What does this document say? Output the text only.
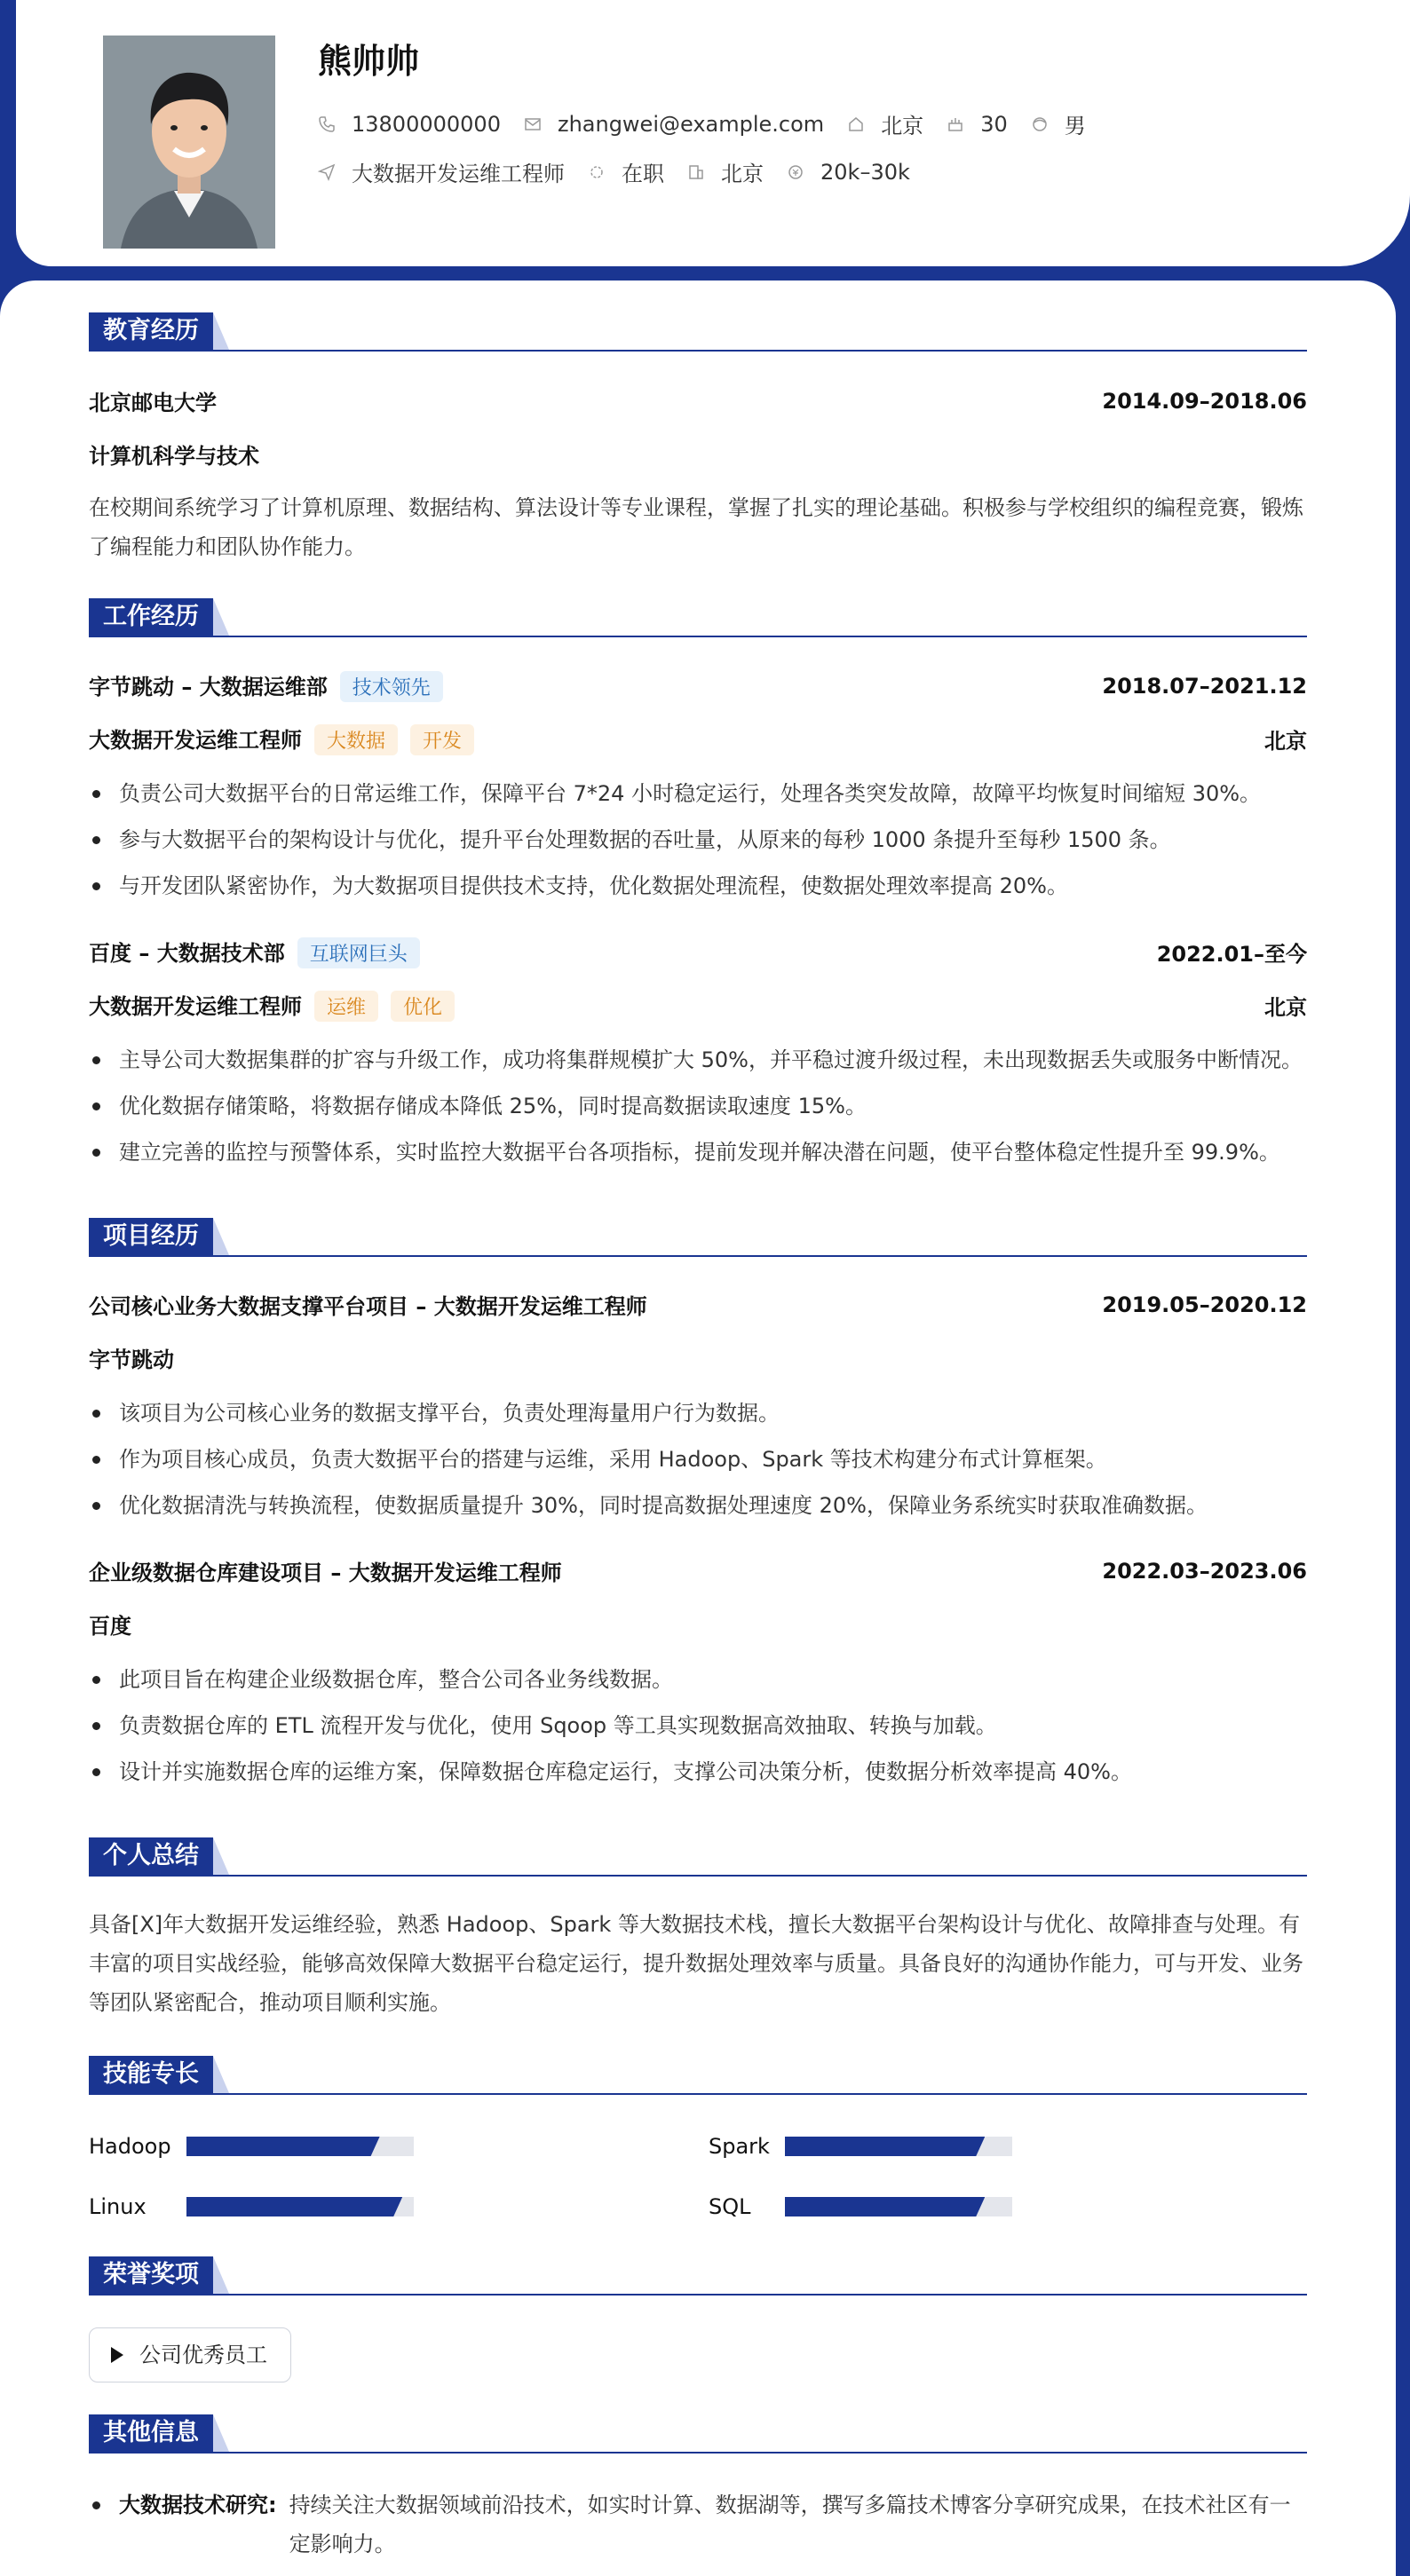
熊帅帅
13800000000	zhangwei@example.com	北京	30	男
大数据开发运维工程师	在职	北京	20k–30k
教育经历
北京邮电大学	2014.09–2018.06
计算机科学与技术
在校期间系统学习了计算机原理、数据结构、算法设计等专业课程，掌握了扎实的理论基础。积极参与学校组织的编程竞赛，锻炼了编程能力和团队协作能力。
工作经历
字节跳动 – 大数据运维部 技术领先	2018.07–2021.12
大数据开发运维工程师 大数据 开发	北京
负责公司大数据平台的日常运维工作，保障平台 7*24 小时稳定运行，处理各类突发故障，故障平均恢复时间缩短 30%。
参与大数据平台的架构设计与优化，提升平台处理数据的吞吐量，从原来的每秒 1000 条提升至每秒 1500 条。
与开发团队紧密协作，为大数据项目提供技术支持，优化数据处理流程，使数据处理效率提高 20%。
百度 – 大数据技术部 互联网巨头	2022.01–至今
大数据开发运维工程师 运维 优化	北京
主导公司大数据集群的扩容与升级工作，成功将集群规模扩大 50%，并平稳过渡升级过程，未出现数据丢失或服务中断情况。
优化数据存储策略，将数据存储成本降低 25%，同时提高数据读取速度 15%。
建立完善的监控与预警体系，实时监控大数据平台各项指标，提前发现并解决潜在问题，使平台整体稳定性提升至 99.9%。
项目经历
公司核心业务大数据支撑平台项目 – 大数据开发运维工程师	2019.05–2020.12
字节跳动
该项目为公司核心业务的数据支撑平台，负责处理海量用户行为数据。
作为项目核心成员，负责大数据平台的搭建与运维，采用 Hadoop、Spark 等技术构建分布式计算框架。
优化数据清洗与转换流程，使数据质量提升 30%，同时提高数据处理速度 20%，保障业务系统实时获取准确数据。
企业级数据仓库建设项目 – 大数据开发运维工程师	2022.03–2023.06
百度
此项目旨在构建企业级数据仓库，整合公司各业务线数据。
负责数据仓库的 ETL 流程开发与优化，使用 Sqoop 等工具实现数据高效抽取、转换与加载。
设计并实施数据仓库的运维方案，保障数据仓库稳定运行，支撑公司决策分析，使数据分析效率提高 40%。
个人总结
具备[X]年大数据开发运维经验，熟悉 Hadoop、Spark 等大数据技术栈，擅长大数据平台架构设计与优化、故障排查与处理。有丰富的项目实战经验，能够高效保障大数据平台稳定运行，提升数据处理效率与质量。具备良好的沟通协作能力，可与开发、业务等团队紧密配合，推动项目顺利实施。
技能专长
Hadoop	Spark
Linux	SQL
荣誉奖项
公司优秀员工
其他信息
大数据技术研究: 持续关注大数据领域前沿技术，如实时计算、数据湖等，撰写多篇技术博客分享研究成果，在技术社区有一定影响力。
